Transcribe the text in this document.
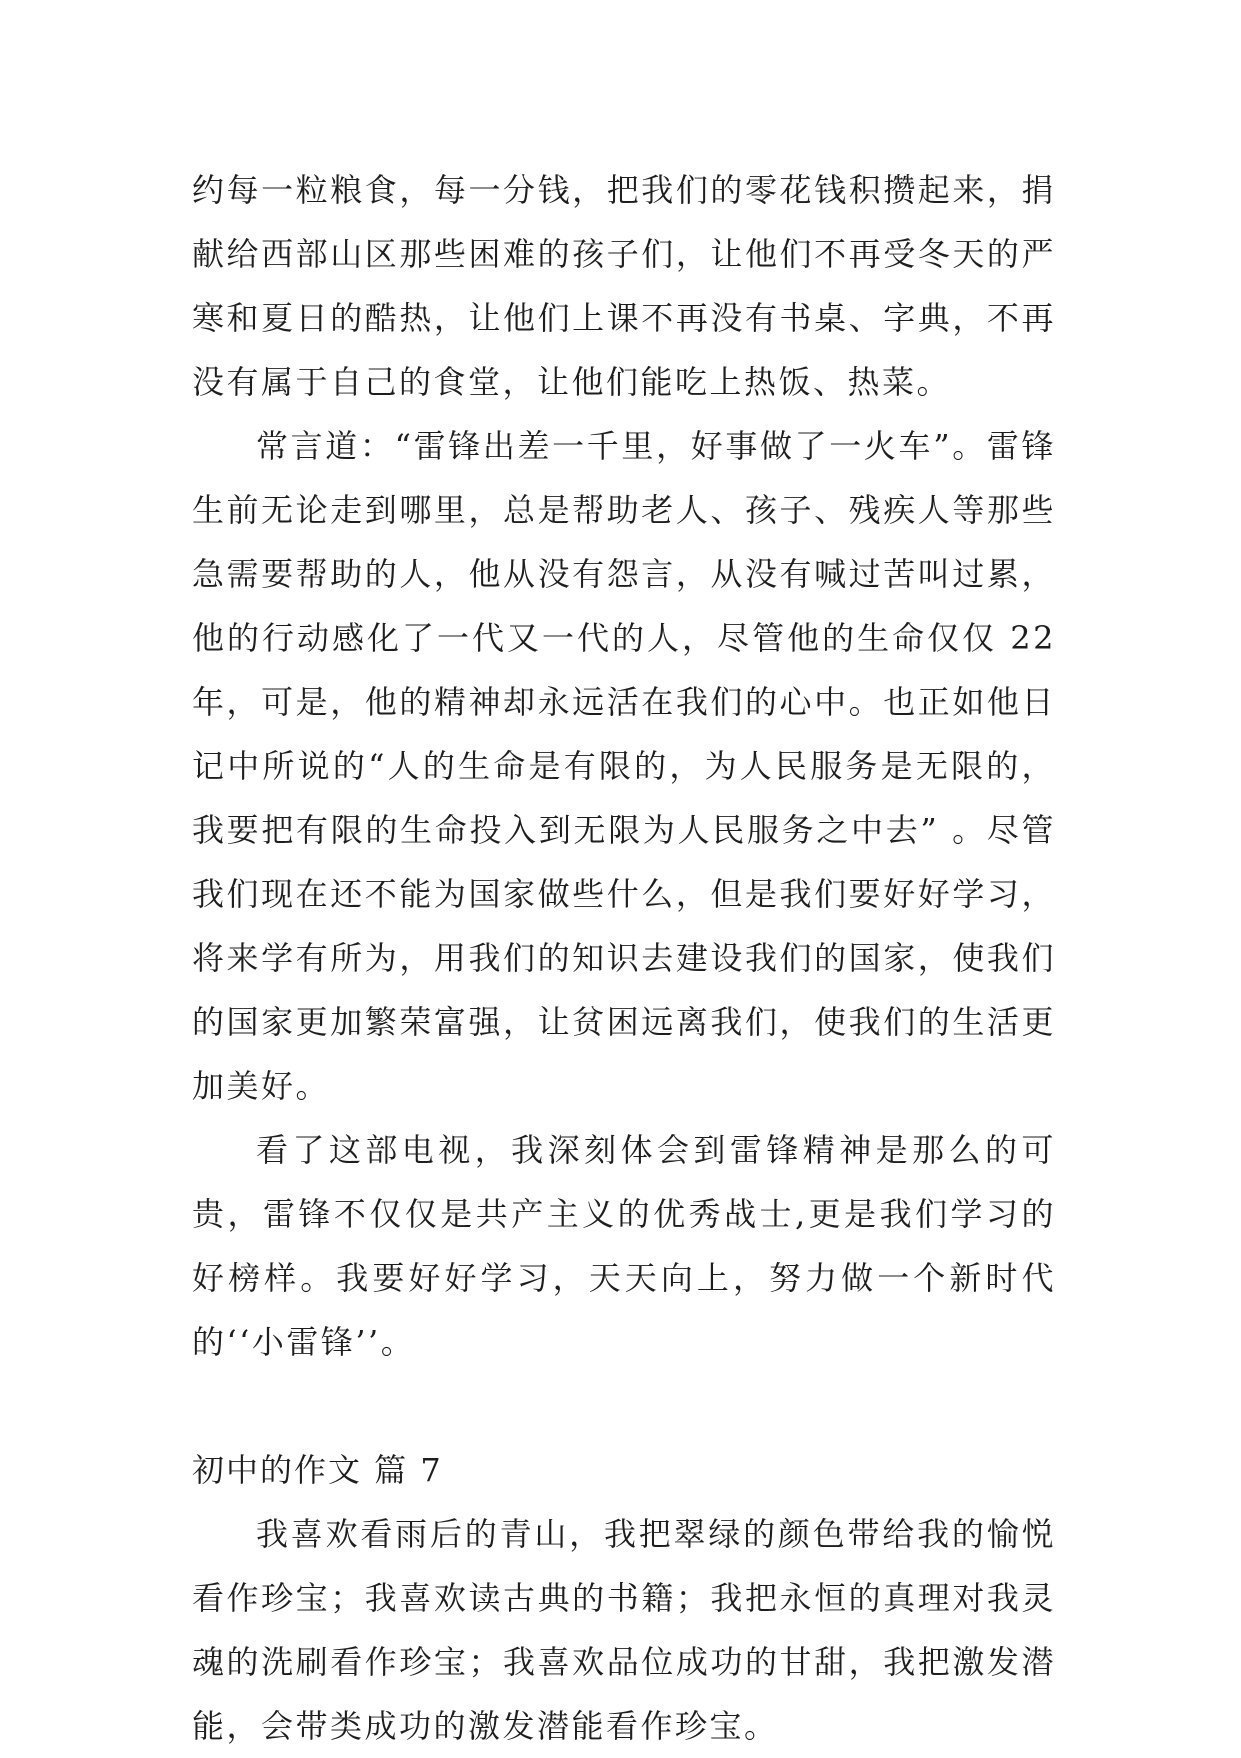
约每一粒粮食，每一分钱，把我们的零花钱积攒起来，捐献给西部山区那些困难的孩子们，让他们不再受冬天的严寒和夏日的酷热，让他们上课不再没有书桌、字典，不再没有属于自己的食堂，让他们能吃上热饭、热菜。

常言道：“雷锋出差一千里，好事做了一火车”。雷锋生前无论走到哪里，总是帮助老人、孩子、残疾人等那些急需要帮助的人，他从没有怨言，从没有喊过苦叫过累，他的行动感化了一代又一代的人，尽管他的生命仅仅 22 年，可是，他的精神却永远活在我们的心中。也正如他日记中所说的“人的生命是有限的，为人民服务是无限的，我要把有限的生命投入到无限为人民服务之中去” 。尽管我们现在还不能为国家做些什么，但是我们要好好学习，将来学有所为，用我们的知识去建设我们的国家，使我们的国家更加繁荣富强，让贫困远离我们，使我们的生活更加美好。

看了这部电视，我深刻体会到雷锋精神是那么的可贵，雷锋不仅仅是共产主义的优秀战士,更是我们学习的好榜样。我要好好学习，天天向上，努力做一个新时代的‘‘小雷锋’’。

初中的作文 篇 7

我喜欢看雨后的青山，我把翠绿的颜色带给我的愉悦看作珍宝；我喜欢读古典的书籍；我把永恒的真理对我灵魂的洗刷看作珍宝；我喜欢品位成功的甘甜，我把激发潜能，会带类成功的激发潜能看作珍宝。
